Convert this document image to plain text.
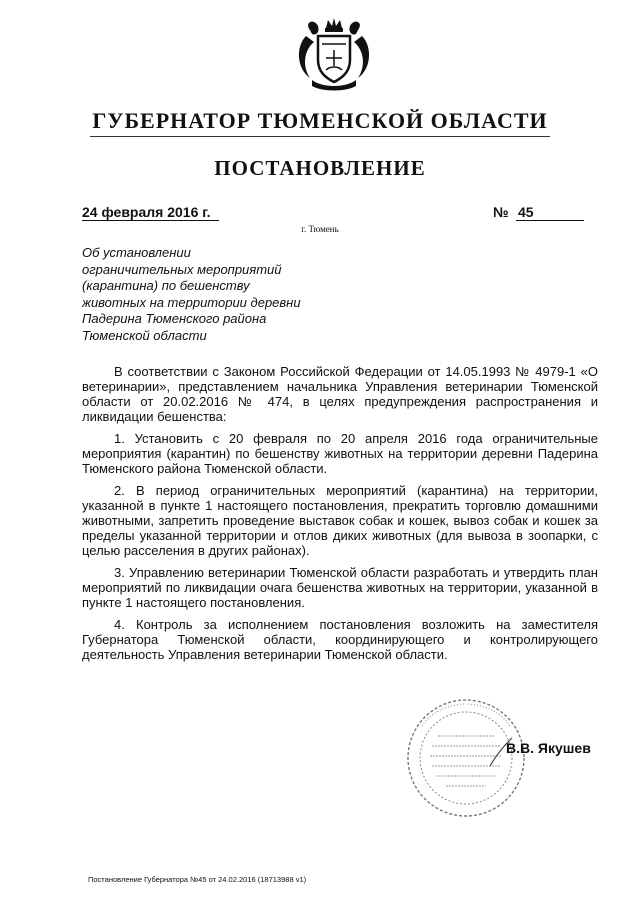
ГУБЕРНАТОР ТЮМЕНСКОЙ ОБЛАСТИ
ПОСТАНОВЛЕНИЕ
24 февраля 2016 г.	№ 45
г. Тюмень
Об установлении
ограничительных мероприятий
(карантина) по бешенству
животных на территории деревни
Падерина Тюменского района
Тюменской области

В соответствии с Законом Российской Федерации от 14.05.1993 № 4979-1 «О ветеринарии», представлением начальника Управления ветеринарии Тюменской области от 20.02.2016 № 474, в целях предупреждения распространения и ликвидации бешенства:

1. Установить с 20 февраля по 20 апреля 2016 года ограничительные мероприятия (карантин) по бешенству животных на территории деревни Падерина Тюменского района Тюменской области.

2. В период ограничительных мероприятий (карантина) на территории, указанной в пункте 1 настоящего постановления, прекратить торговлю домашними животными, запретить проведение выставок собак и кошек, вывоз собак и кошек за пределы указанной территории и отлов диких животных (для вывоза в зоопарки, с целью расселения в других районах).

3. Управлению ветеринарии Тюменской области разработать и утвердить план мероприятий по ликвидации очага бешенства животных на территории, указанной в пункте 1 настоящего постановления.

4. Контроль за исполнением постановления возложить на заместителя Губернатора Тюменской области, координирующего и контролирующего деятельность Управления ветеринарии Тюменской области.

В.В. Якушев
Постановление Губернатора №45 от 24.02.2016 (18713988 v1)
